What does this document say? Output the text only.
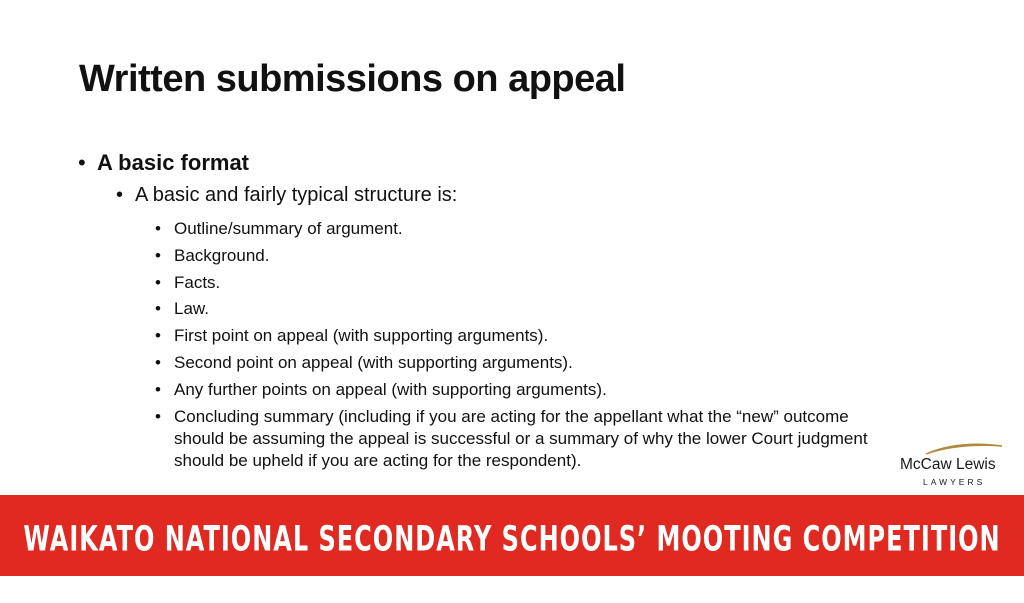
Written submissions on appeal
• A basic format
• A basic and fairly typical structure is:
• Outline/summary of argument.
• Background.
• Facts.
• Law.
• First point on appeal (with supporting arguments).
• Second point on appeal (with supporting arguments).
• Any further points on appeal (with supporting arguments).
• Concluding summary (including if you are acting for the appellant what the “new” outcome should be assuming the appeal is successful or a summary of why the lower Court judgment should be upheld if you are acting for the respondent).	McCaw Lewis
LAWYERS
WAIKATO NATIONAL SECONDARY SCHOOLS’ MOOTING COMPETITION
